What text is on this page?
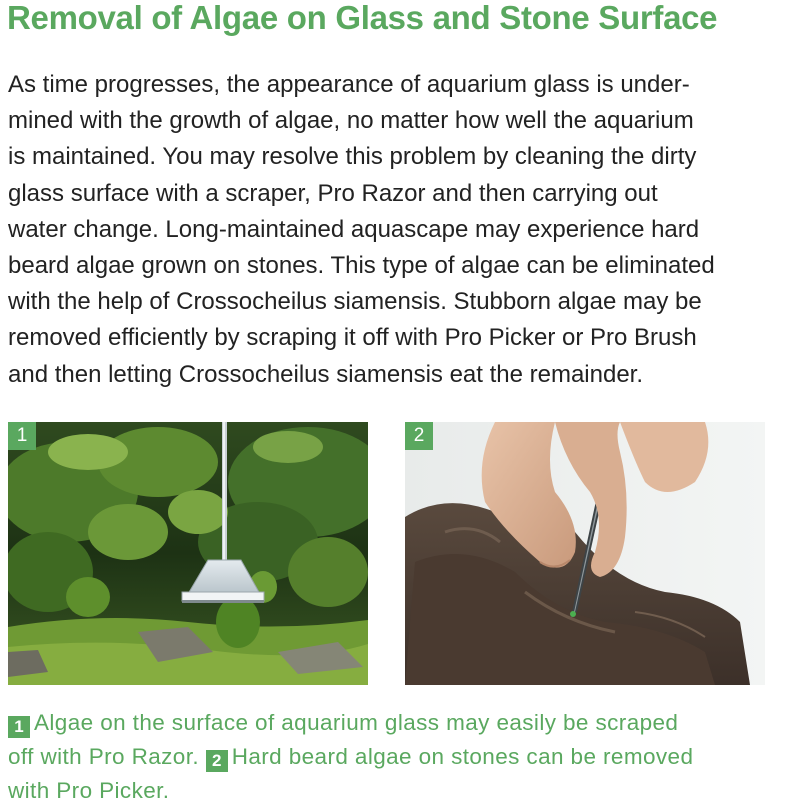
Removal of Algae on Glass and Stone Surface
As time progresses, the appearance of aquarium glass is under-
mined with the growth of algae, no matter how well the aquarium
is maintained. You may resolve this problem by cleaning the dirty
glass surface with a scraper, Pro Razor and then carrying out
water change. Long-maintained aquascape may experience hard
beard algae grown on stones. This type of algae can be eliminated
with the help of Crossocheilus siamensis. Stubborn algae may be
removed efficiently by scraping it off with Pro Picker or Pro Brush
and then letting Crossocheilus siamensis eat the remainder.
1	2
1 Algae on the surface of aquarium glass may easily be scraped
off with Pro Razor. 2 Hard beard algae on stones can be removed
with Pro Picker.
